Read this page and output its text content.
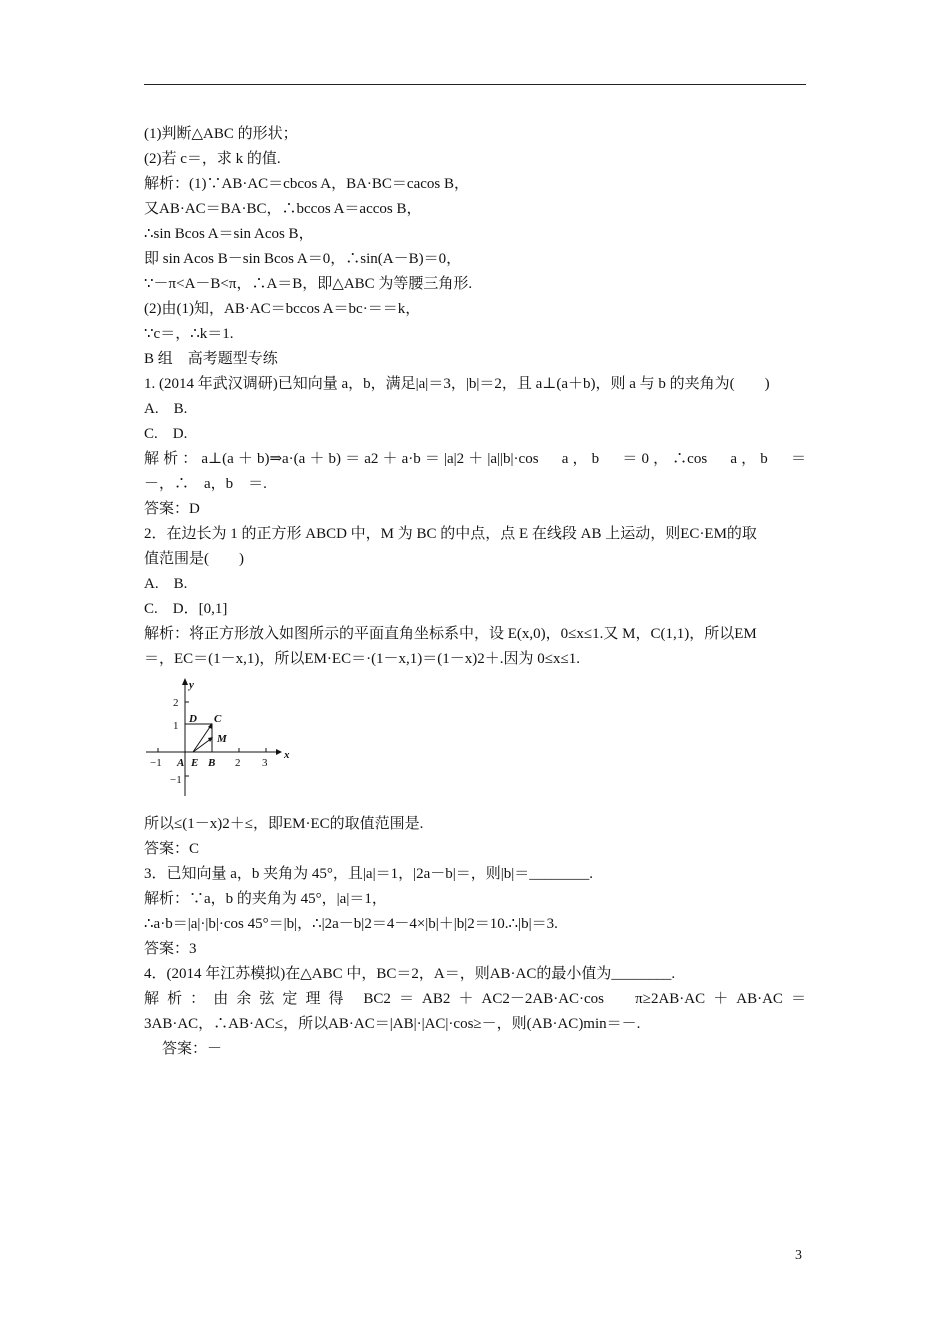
(1)判断△ABC 的形状；
(2)若 c＝，求 k 的值.
解析：(1)∵AB·AC＝cbcos A，BA·BC＝cacos B，
又AB·AC＝BA·BC，∴bccos A＝accos B，
∴sin Bcos A＝sin Acos B，
即 sin Acos B－sin Bcos A＝0，∴sin(A－B)＝0，
∵－π<A－B<π，∴A＝B，即△ABC 为等腰三角形.
(2)由(1)知，AB·AC＝bccos A＝bc·＝＝k，
∵c＝，∴k＝1.
B 组　高考题型专练
1. (2014 年武汉调研)已知向量 a，b，满足|a|＝3，|b|＝2，且 a⊥(a＋b)，则 a 与 b 的夹角为(　　)
A.　B.
C.　D.
解析：a⊥(a＋b)⇒a·(a＋b)＝a2＋a·b＝|a|2＋|a||b|·cos　a，b　＝0，∴cos　a，b　＝
－，∴　a，b　＝.
答案：D
2．在边长为 1 的正方形 ABCD 中，M 为 BC 的中点，点 E 在线段 AB 上运动，则EC·EM的取
值范围是(　　)
A.　B.
C.　D．[0,1]
解析：将正方形放入如图所示的平面直角坐标系中，设 E(x,0)，0≤x≤1.又 M，C(1,1)，所以EM
＝，EC＝(1－x,1)，所以EM·EC＝·(1－x,1)＝(1－x)2＋.因为 0≤x≤1.
y
x
2
1
−1	2 3
−1
D C
M
A E B
所以≤(1－x)2＋≤，即EM·EC的取值范围是.
答案：C
3．已知向量 a，b 夹角为 45°，且|a|＝1，|2a－b|＝，则|b|＝________.
解析：∵a，b 的夹角为 45°，|a|＝1，
∴a·b＝|a|·|b|·cos 45°＝|b|，∴|2a－b|2＝4－4×|b|＋|b|2＝10.∴|b|＝3.
答案：3
4．(2014 年江苏模拟)在△ABC 中，BC＝2，A＝，则AB·AC的最小值为________.
解析：由余弦定理得 BC2＝AB2＋AC2－2AB·AC·cos　π≥2AB·AC＋AB·AC＝
3AB·AC，∴AB·AC≤，所以AB·AC＝|AB|·|AC|·cos≥－，则(AB·AC)min＝－.
答案：－
3
